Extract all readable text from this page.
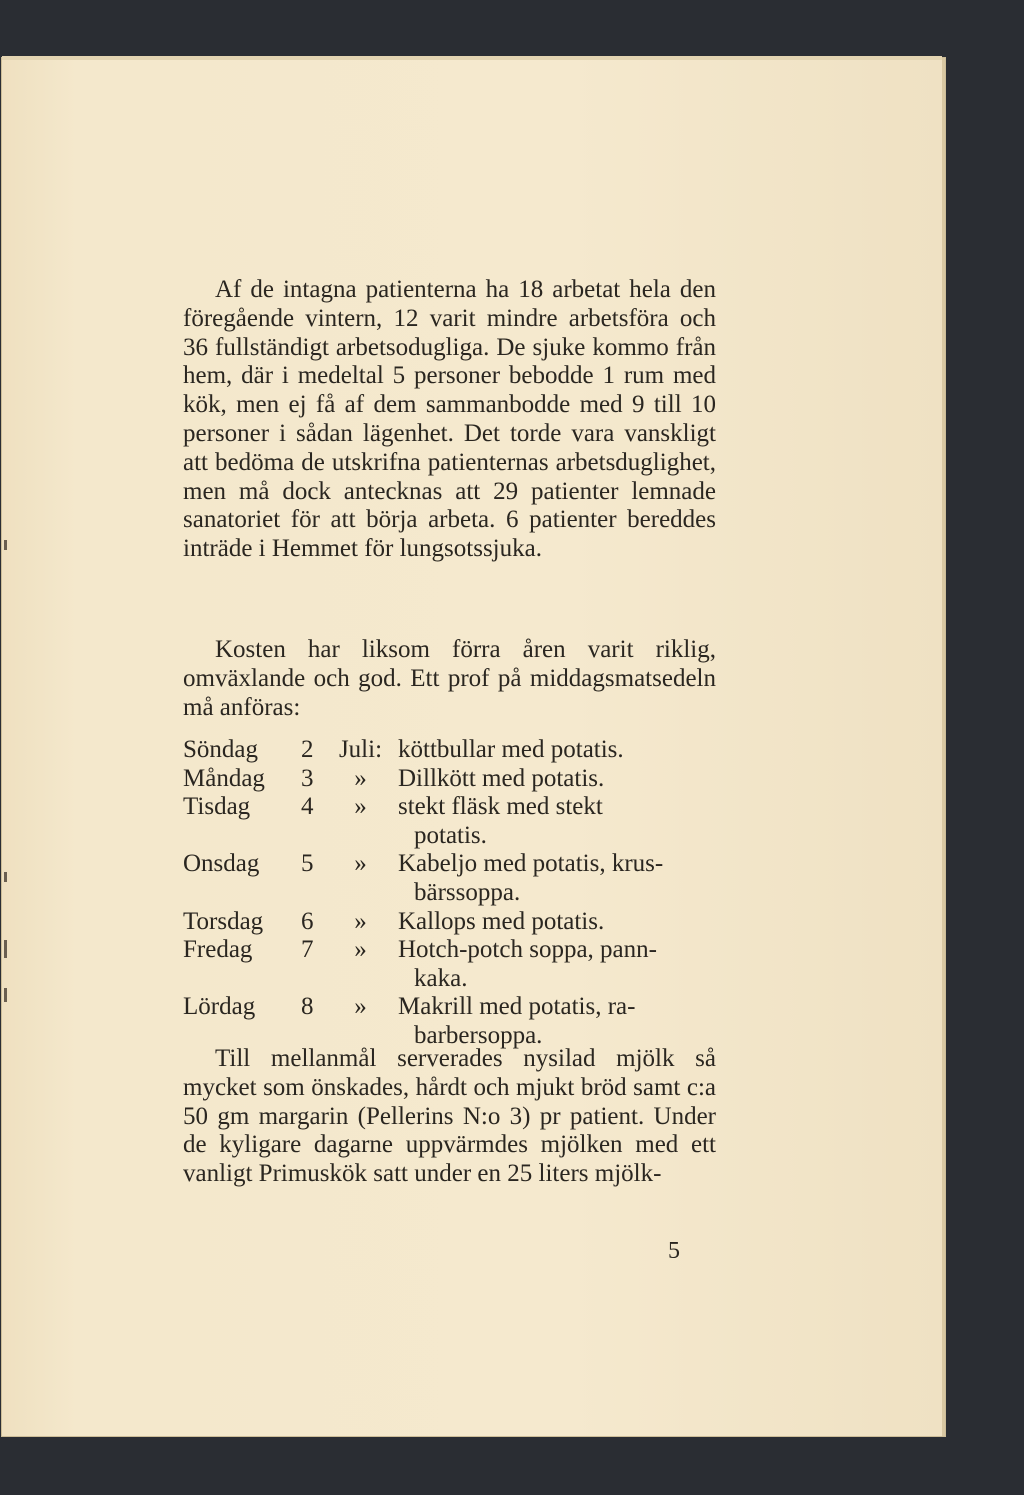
Af de intagna patienterna ha 18 arbetat hela den föregående vintern, 12 varit mindre arbetsföra och 36 fullständigt arbetsodugliga. De sjuke kommo från hem, där i medeltal 5 personer bebodde 1 rum med kök, men ej få af dem sammanbodde med 9 till 10 personer i sådan lägenhet. Det torde vara vanskligt att bedöma de utskrifna patienternas arbetsduglighet, men må dock antecknas att 29 patienter lemnade sanatoriet för att börja arbeta. 6 patienter bereddes inträde i Hemmet för lungsotssjuka.

Kosten har liksom förra åren varit riklig, omväxlande och god. Ett prof på middagsmatsedeln må anföras:

Söndag	2	Juli: köttbullar med potatis.
Måndag	3	»	Dillkött med potatis.
Tisdag	4	»	stekt fläsk med stekt
potatis.
Onsdag	5	»	Kabeljo med potatis, krus-
bärssoppa.
Torsdag	6	»	Kallops med potatis.
Fredag	7	»	Hotch-potch soppa, pann-
kaka.
Lördag	8	»	Makrill med potatis, ra-
barbersoppa.

Till mellanmål serverades nysilad mjölk så mycket som önskades, hårdt och mjukt bröd samt c:a 50 gm margarin (Pellerins N:o 3) pr patient. Under de kyligare dagarne uppvärmdes mjölken med ett vanligt Primuskök satt under en 25 liters mjölk-

5
